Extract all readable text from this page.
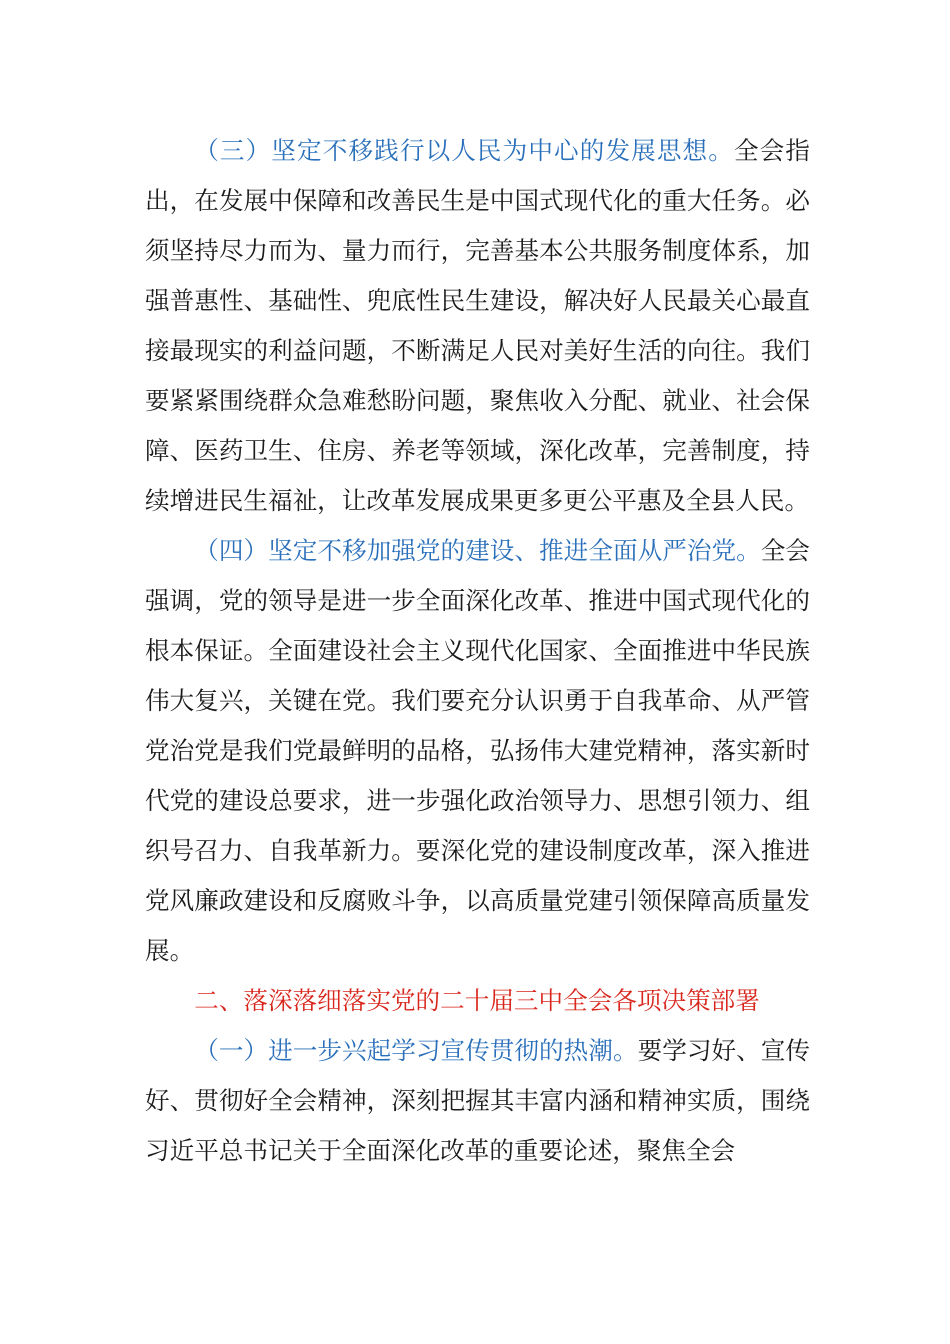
（三）坚定不移践行以人民为中心的发展思想。全会指出，在发展中保障和改善民生是中国式现代化的重大任务。必须坚持尽力而为、量力而行，完善基本公共服务制度体系，加强普惠性、基础性、兜底性民生建设，解决好人民最关心最直接最现实的利益问题，不断满足人民对美好生活的向往。我们要紧紧围绕群众急难愁盼问题，聚焦收入分配、就业、社会保障、医药卫生、住房、养老等领域，深化改革，完善制度，持续增进民生福祉，让改革发展成果更多更公平惠及全县人民。

（四）坚定不移加强党的建设、推进全面从严治党。全会强调，党的领导是进一步全面深化改革、推进中国式现代化的根本保证。全面建设社会主义现代化国家、全面推进中华民族伟大复兴，关键在党。我们要充分认识勇于自我革命、从严管党治党是我们党最鲜明的品格，弘扬伟大建党精神，落实新时代党的建设总要求，进一步强化政治领导力、思想引领力、组织号召力、自我革新力。要深化党的建设制度改革，深入推进党风廉政建设和反腐败斗争，以高质量党建引领保障高质量发展。

二、落深落细落实党的二十届三中全会各项决策部署

（一）进一步兴起学习宣传贯彻的热潮。要学习好、宣传好、贯彻好全会精神，深刻把握其丰富内涵和精神实质，围绕习近平总书记关于全面深化改革的重要论述，聚焦全会
